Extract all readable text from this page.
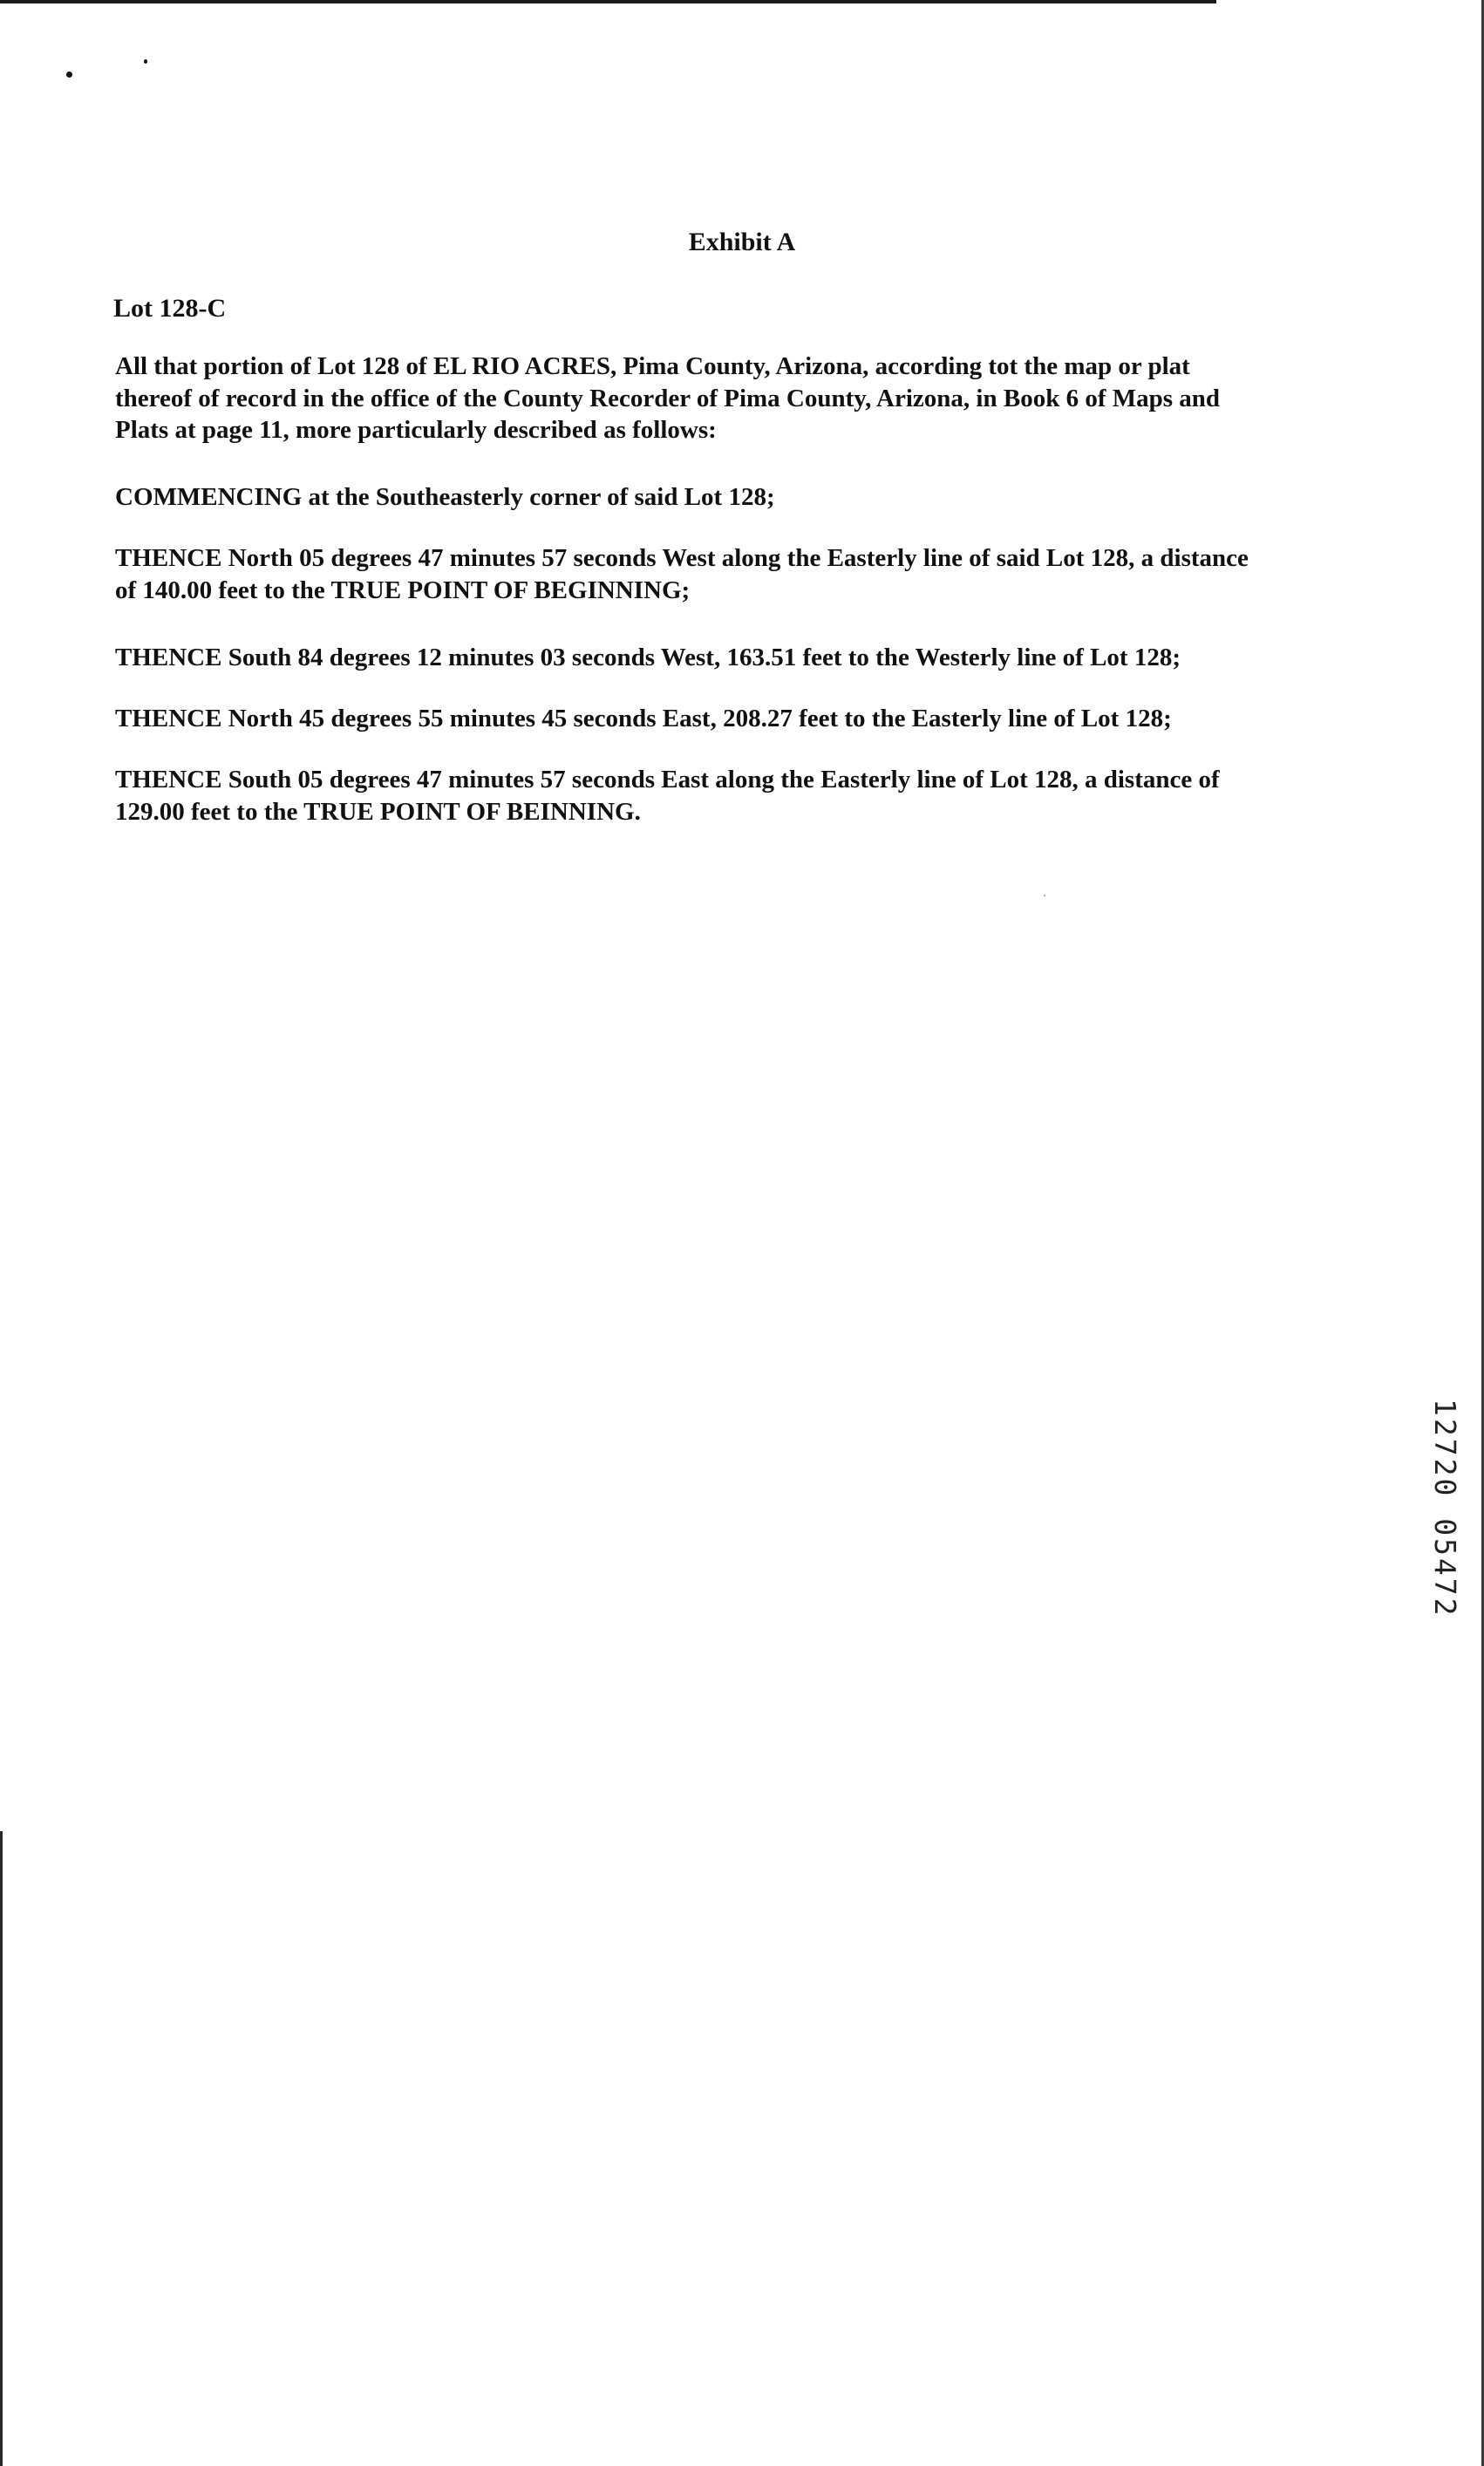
Exhibit A
Lot 128-C

All that portion of Lot 128 of EL RIO ACRES, Pima County, Arizona, according tot the map or plat
thereof of record in the office of the County Recorder of Pima County, Arizona, in Book 6 of Maps and
Plats at page 11, more particularly described as follows:

COMMENCING at the Southeasterly corner of said Lot 128;

THENCE North 05 degrees 47 minutes 57 seconds West along the Easterly line of said Lot 128, a distance
of 140.00 feet to the TRUE POINT OF BEGINNING;

THENCE South 84 degrees 12 minutes 03 seconds West, 163.51 feet to the Westerly line of Lot 128;

THENCE North 45 degrees 55 minutes 45 seconds East, 208.27 feet to the Easterly line of Lot 128;

THENCE South 05 degrees 47 minutes 57 seconds East along the Easterly line of Lot 128, a distance of
129.00 feet to the TRUE POINT OF BEINNING.

12720 05472
